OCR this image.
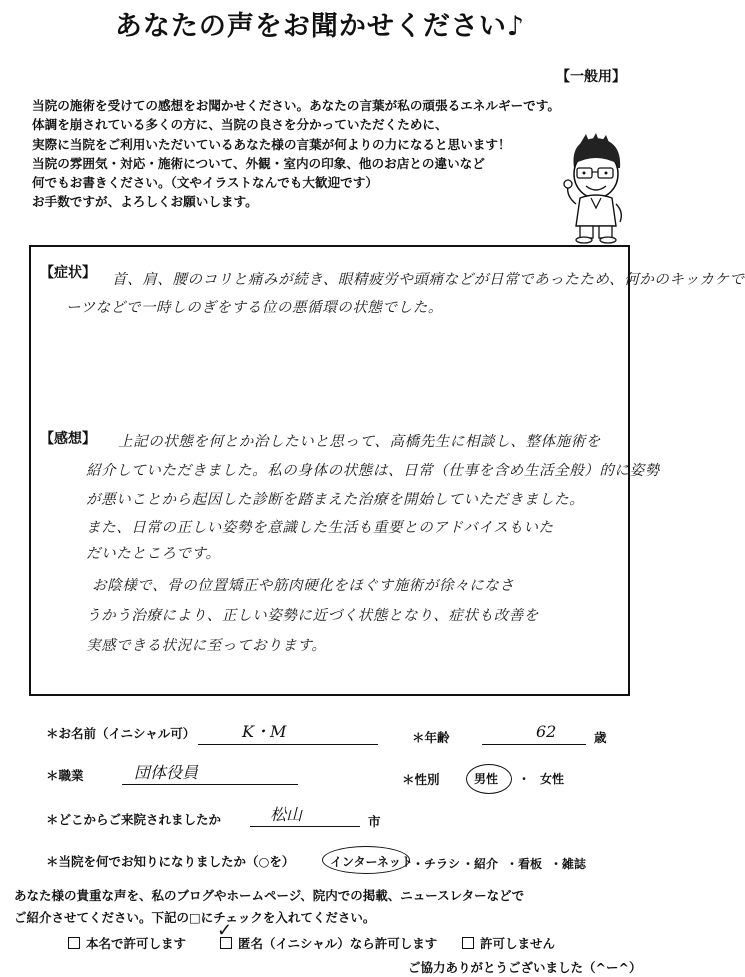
あなたの声をお聞かせください♪
【一般用】
当院の施術を受けての感想をお聞かせください。あなたの言葉が私の頑張るエネルギーです。
体調を崩されている多くの方に、当院の良さを分かっていただくために、
実際に当院をご利用いただいているあなた様の言葉が何よりの力になると思います！
当院の雰囲気・対応・施術について、外観・室内の印象、他のお店との違いなど
何でもお書きください。（文やイラストなんでも大歓迎です）
お手数ですが、よろしくお願いします。
【症状】 首、肩、腰のコリと痛みが続き、眼精疲労や頭痛などが日常であったため、何かのキッカケで
ーツなどで一時しのぎをする位の悪循環の状態でした。
【感想】 上記の状態を何とか治したいと思って、高橋先生に相談し、整体施術を
紹介していただきました。私の身体の状態は、日常（仕事を含め生活全般）的に姿勢
が悪いことから起因した診断を踏まえた治療を開始していただきました。
また、日常の正しい姿勢を意識した生活も重要とのアドバイスもいた
だいたところです。
お陰様で、骨の位置矯正や筋肉硬化をほぐす施術が徐々になさ
うかう治療により、正しい姿勢に近づく状態となり、症状も改善を
実感できる状況に至っております。
＊お名前（イニシャル可）	K・M	＊年齢	62	歳
＊職業	団体役員	＊性別	男性 ・ 女性
＊どこからご来院されましたか	松山	市
＊当院を何でお知りになりましたか（○を）	インターネット ・チラシ ・紹介 ・看板 ・雑誌
あなた様の貴重な声を、私のブログやホームページ、院内での掲載、ニュースレターなどで
ご紹介させてください。下記の□にチェックを入れてください。
本名で許可します	匿名（イニシャル）なら許可します
✓
許可しません
ご協力ありがとうございました（^ー^）
